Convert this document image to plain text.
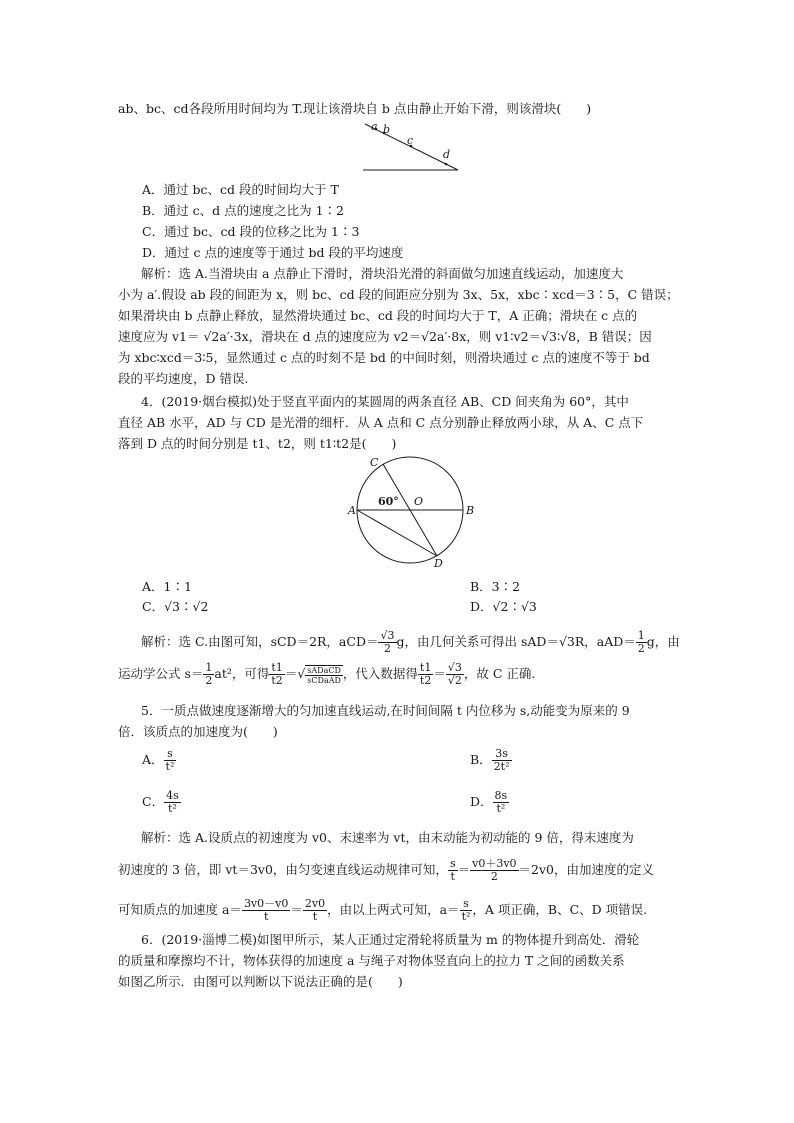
ab、bc、cd各段所用时间均为 T.现让该滑块自 b 点由静止开始下滑，则该滑块(　　)
a b
c
d
A．通过 bc、cd 段的时间均大于 T
B．通过 c、d 点的速度之比为 1∶2
C．通过 bc、cd 段的位移之比为 1∶3
D．通过 c 点的速度等于通过 bd 段的平均速度
解析：选 A.当滑块由 a 点静止下滑时，滑块沿光滑的斜面做匀加速直线运动，加速度大
小为 a′.假设 ab 段的间距为 x，则 bc、cd 段的间距应分别为 3x、5x，xbc∶xcd＝3∶5，C 错误；
如果滑块由 b 点静止释放，显然滑块通过 bc、cd 段的时间均大于 T，A 正确；滑块在 c 点的
速度应为 v1＝ √2a′·3x，滑块在 d 点的速度应为 v2＝√2a′·8x，则 v1∶v2＝√3∶√8，B 错误；因
为 xbc∶xcd＝3∶5，显然通过 c 点的时刻不是 bd 的中间时刻，则滑块通过 c 点的速度不等于 bd
段的平均速度，D 错误.
4．(2019·烟台模拟)处于竖直平面内的某圆周的两条直径 AB、CD 间夹角为 60°，其中
直径 AB 水平，AD 与 CD 是光滑的细杆．从 A 点和 C 点分别静止释放两小球，从 A、C 点下
落到 D 点的时间分别是 t1、t2，则 t1∶t2是(　　)
C
A	B
D
O
60°
A．1∶1	B．3∶2
C．√3∶√2	D．√2∶√3
解析：选 C.由图可知，sCD＝2R，$aCD= \frac{√3}{2}$ g，由几何关系可得出 sAD＝√3R，$aAD= \frac{1}{2}$ g，由
运动学公式 $s= \frac{1}{2} at^2$，可得 $\frac{t1}{t2}$ ＝√ $\frac{\text{sADaCD}}{\text{sCDaAD}}$ ，代入数据得 $\frac{t1}{t2} = \frac{√3}{√2}$ ，故 C 正确.
5．一质点做速度逐渐增大的匀加速直线运动,在时间间隔 t 内位移为 s,动能变为原来的 9
倍．该质点的加速度为(　　)
A． $\frac{s}{\text{t²}}$	B． $\frac{3s}{\text{2t²}}$
C． $\frac{4s}{\text{t²}}$	D． $\frac{8s}{\text{t²}}$
解析：选 A.设质点的初速度为 v0、末速率为 vt，由末动能为初动能的 9 倍，得末速度为
初速度的 3 倍，即 vt＝3v0，由匀变速直线运动规律可知， $\frac{s}{t} = \frac{v0+3v0}{2} =2v0$，由加速度的定义
可知质点的加速度 $a= \frac{3v0-v0}{t} = \frac{2v0}{t}$ ，由以上两式可知，$a= \frac{s}{\text{t²}}$ ，A 项正确，B、C、D 项错误.
6．(2019·淄博二模)如图甲所示，某人正通过定滑轮将质量为 m 的物体提升到高处．滑轮
的质量和摩擦均不计，物体获得的加速度 a 与绳子对物体竖直向上的拉力 T 之间的函数关系
如图乙所示．由图可以判断以下说法正确的是(　　)
